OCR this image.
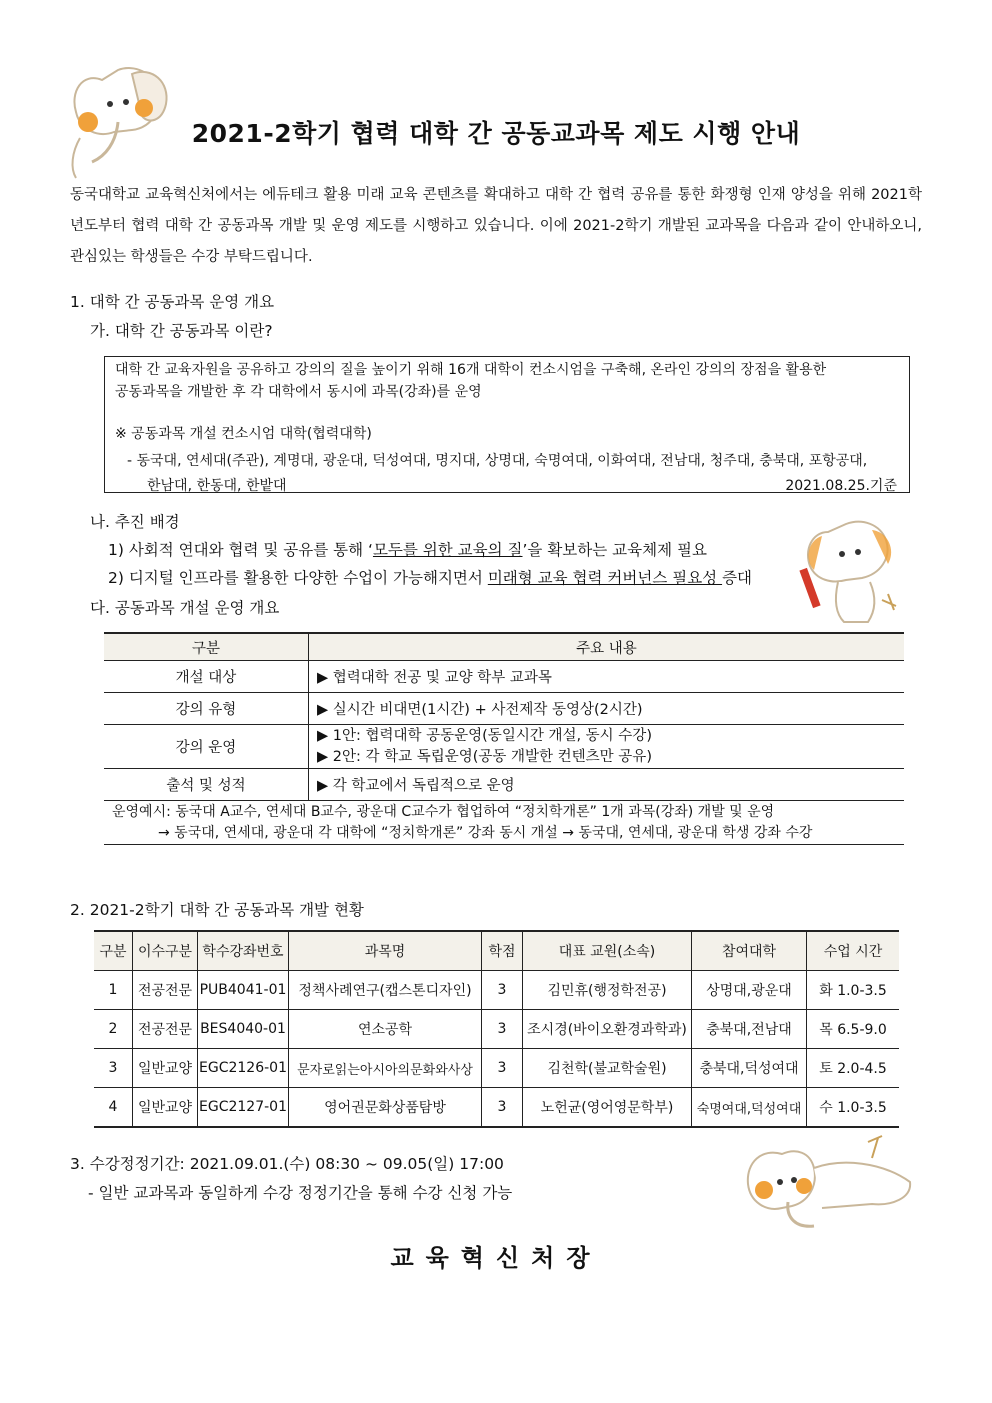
2021-2학기 협력 대학 간 공동교과목 제도 시행 안내

동국대학교 교육혁신처에서는 에듀테크 활용 미래 교육 콘텐츠를 확대하고 대학 간 협력 공유를 통한 화쟁형 인재 양성을 위해 2021학년도부터 협력 대학 간 공동과목 개발 및 운영 제도를 시행하고 있습니다. 이에 2021-2학기 개발된 교과목을 다음과 같이 안내하오니, 관심있는 학생들은 수강 부탁드립니다.

1. 대학 간 공동과목 운영 개요
가. 대학 간 공동과목 이란?
대학 간 교육자원을 공유하고 강의의 질을 높이기 위해 16개 대학이 컨소시엄을 구축해, 온라인 강의의 장점을 활용한
공동과목을 개발한 후 각 대학에서 동시에 과목(강좌)를 운영
※ 공동과목 개설 컨소시엄 대학(협력대학)
- 동국대, 연세대(주관), 계명대, 광운대, 덕성여대, 명지대, 상명대, 숙명여대, 이화여대, 전남대, 청주대, 충북대, 포항공대,
한남대, 한동대, 한밭대	2021.08.25.기준
나. 추진 배경
1) 사회적 연대와 협력 및 공유를 통해 ‘모두를 위한 교육의 질’을 확보하는 교육체제 필요
2) 디지털 인프라를 활용한 다양한 수업이 가능해지면서 미래형 교육 협력 커버넌스 필요성 증대
다. 공동과목 개설 운영 개요
구분	주요 내용
개설 대상	▶ 협력대학 전공 및 교양 학부 교과목
강의 유형	▶ 실시간 비대면(1시간) + 사전제작 동영상(2시간)
강의 운영	▶ 1안: 협력대학 공동운영(동일시간 개설, 동시 수강)
▶ 2안: 각 학교 독립운영(공동 개발한 컨텐츠만 공유)

출석 및 성적	▶ 각 학교에서 독립적으로 운영

운영예시: 동국대 A교수, 연세대 B교수, 광운대 C교수가 협업하여 “정치학개론” 1개 과목(강좌) 개발 및 운영
→ 동국대, 연세대, 광운대 각 대학에 “정치학개론” 강좌 동시 개설 → 동국대, 연세대, 광운대 학생 강좌 수강	
2. 2021-2학기 대학 간 공동과목 개발 현황
구분	이수구분	학수강좌번호	과목명	학점	대표 교원(소속)	참여대학	수업 시간
1	전공전문	PUB4041-01	정책사례연구(캡스톤디자인)	3	김민휴(행정학전공)	상명대,광운대	화 1.0-3.5
2	전공전문	BES4040-01	연소공학	3	조시경(바이오환경과학과)	충북대,전남대	목 6.5-9.0
3	일반교양	EGC2126-01	문자로읽는아시아의문화와사상	3	김천학(불교학술원)	충북대,덕성여대	토 2.0-4.5
4	일반교양	EGC2127-01	영어권문화상품탐방	3	노헌균(영어영문학부)	숙명여대,덕성여대	수 1.0-3.5
3. 수강정정기간: 2021.09.01.(수) 08:30 ~ 09.05(일) 17:00
- 일반 교과목과 동일하게 수강 정정기간을 통해 수강 신청 가능
교육혁신처장
